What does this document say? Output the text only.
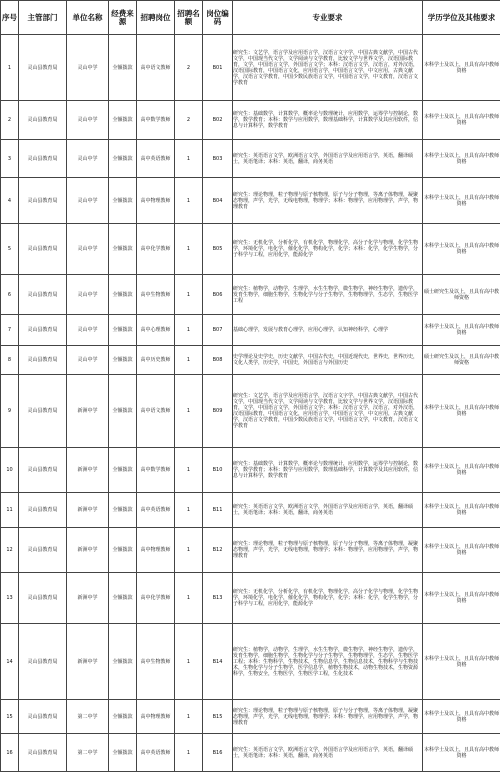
序号	主管部门	单位名称	经费来源	招聘岗位	招聘名额	岗位编码	专业要求	学历学位及其他要求
1	灵山县教育局	灵山中学	全额拨款	高中语文教师	2	B01	研究生：文艺学，语言学及应用语言学，汉语言文字学，中国古典文献学，中国古代文学，中国现当代文学，文学阅读与文学教育，比较文学与世界文学，汉语国际教育，文学，中国语言文学，外国语言文学；本科：汉语言文学，汉语言，对外汉语，汉语国际教育，中国语言文化，应用语言学，中国语言文学，中文应用，古典文献学，汉语言文学教育，中国少数民族语言文学，中国语言文学，中文教育，汉语言文学教育	本科学士及以上，且具有高中教师资格
2	灵山县教育局	灵山中学	全额拨款	高中数学教师	2	B02	研究生：基础数学，计算数学，概率论与数理统计，应用数学，运筹学与控制论，数学，数学教育；本科：数学与应用数学，数理基础科学，计算数学及其应用软件，信息与计算科学，数学教育	本科学士及以上，且具有高中教师资格
3	灵山县教育局	灵山中学	全额拨款	高中英语教师	1	B03	研究生：英语语言文学，欧洲语言文学，外国语言学及应用语言学，英语，翻译硕士，英语笔译；本科：英语，翻译，商务英语	本科学士及以上，且具有高中教师资格
4	灵山县教育局	灵山中学	全额拨款	高中物理教师	1	B04	研究生：理论物理，粒子物理与原子核物理，原子与分子物理，等离子体物理，凝聚态物理，声学，光学，无线电物理，物理学；本科：物理学，应用物理学，声学，物理教育	本科学士及以上，且具有高中教师资格
5	灵山县教育局	灵山中学	全额拨款	高中化学教师	1	B05	研究生：无机化学，分析化学，有机化学，物理化学，高分子化学与物理，化学生物学，环境化学，电化学，催化化学，物构化学，化学；本科：化学，化学生物学，分子科学与工程，应用化学，能源化学	本科学士及以上，且具有高中教师资格
6	灵山县教育局	灵山中学	全额拨款	高中生物教师	1	B06	研究生：植物学，动物学，生理学，水生生物学，微生物学，神经生物学，遗传学，发育生物学，细胞生物学，生物化学与分子生物学，生物物理学，生态学，生物医学工程	硕士研究生及以上，且具有高中教师资格
7	灵山县教育局	灵山中学	全额拨款	高中心理教师	1	B07	基础心理学，发展与教育心理学，应用心理学，认知神经科学，心理学	本科学士及以上，且具有高中教师资格
8	灵山县教育局	灵山中学	全额拨款	高中历史教师	1	B08	史学理论及史学史，历史文献学，中国古代史，中国近现代史，世界史，世界历史，文化人类学，历史学，中国史，外国语言与外国历史	硕士研究生及以上，且具有高中教师资格
9	灵山县教育局	新洲中学	全额拨款	高中语文教师	1	B09	研究生：文艺学，语言学及应用语言学，汉语言文字学，中国古典文献学，中国古代文学，中国现当代文学，文学阅读与文学教育，比较文学与世界文学，汉语国际教育，文学，中国语言文学，外国语言文学；本科：汉语言文学，汉语言，对外汉语，汉语国际教育，中国语言文化，应用语言学，中国语言文学，中文应用，古典文献学，汉语言文学教育，中国少数民族语言文学，中国语言文学，中文教育，汉语言文学教育	本科学士及以上，且具有高中教师资格
10	灵山县教育局	新洲中学	全额拨款	高中数学教师	1	B10	研究生：基础数学，计算数学，概率论与数理统计，应用数学，运筹学与控制论，数学，数学教育；本科：数学与应用数学，数理基础科学，计算数学及其应用软件，信息与计算科学，数学教育	本科学士及以上，且具有高中教师资格
11	灵山县教育局	新洲中学	全额拨款	高中英语教师	1	B11	研究生：英语语言文学，欧洲语言文学，外国语言学及应用语言学，英语，翻译硕士，英语笔译；本科：英语，翻译，商务英语	本科学士及以上，且具有高中教师资格
12	灵山县教育局	新洲中学	全额拨款	高中物理教师	1	B12	研究生：理论物理，粒子物理与原子核物理，原子与分子物理，等离子体物理，凝聚态物理，声学，光学，无线电物理，物理学；本科：物理学，应用物理学，声学，物理教育	本科学士及以上，且具有高中教师资格
13	灵山县教育局	新洲中学	全额拨款	高中化学教师	1	B13	研究生：无机化学，分析化学，有机化学，物理化学，高分子化学与物理，化学生物学，环境化学，电化学，催化化学，物构化学，化学；本科：化学，化学生物学，分子科学与工程，应用化学，能源化学	本科学士及以上，且具有高中教师资格
14	灵山县教育局	新洲中学	全额拨款	高中生物教师	1	B14	研究生：植物学，动物学，生理学，水生生物学，微生物学，神经生物学，遗传学，发育生物学，细胞生物学，生物化学与分子生物学，生物物理学，生态学，生物医学工程；本科：生物科学，生物技术，生物信息学，生物信息技术，生物科学与生物技术，生物化学与分子生物学，医学信息学，植物生物技术，动物生物技术，生物资源科学，生物安全，生物医学，生物医学工程，生化技术	本科学士及以上，且具有高中教师资格
15	灵山县教育局	第二中学	全额拨款	高中物理教师	1	B15	研究生：理论物理，粒子物理与原子核物理，原子与分子物理，等离子体物理，凝聚态物理，声学，光学，无线电物理，物理学；本科：物理学，应用物理学，声学，物理教育	本科学士及以上，且具有高中教师资格
16	灵山县教育局	第二中学	全额拨款	高中英语教师	1	B16	研究生：英语语言文学，欧洲语言文学，外国语言学及应用语言学，英语，翻译硕士，英语笔译；本科：英语，翻译，商务英语	本科学士及以上，且具有高中教师资格
